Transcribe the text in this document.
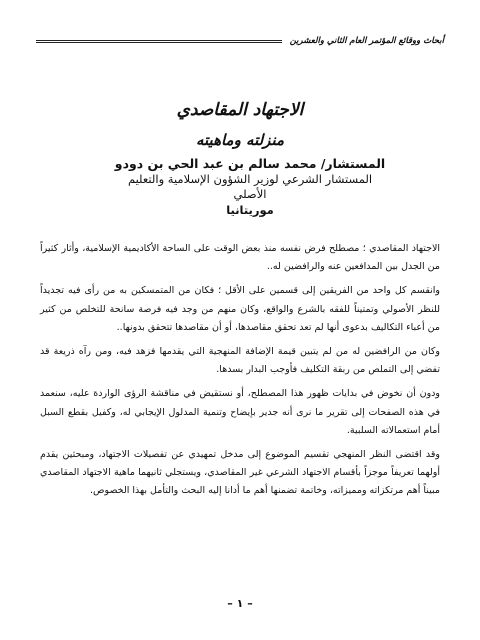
أبحاث ووقائع المؤتمر العام الثاني والعشرين
الاجتهاد المقاصدي
منزلته وماهيته
المستشار/ محمد سالم بن عبد الحي بن دودو
المستشار الشرعي لوزير الشؤون الإسلامية والتعليم
الأصلي
موريتانيا

الاجتهاد المقاصدي ؛ مصطلح فرض نفسه منذ بعض الوقت على الساحة الأكاديمية الإسلامية، وأثار كثيراً من الجدل بين المدافعين عنه والرافضين له..

وانقسم كل واحد من الفريقين إلى قسمين على الأقل ؛ فكان من المتمسكين به من رأى فيه تجديداً للنظر الأصولي وتمتيناً للفقه بالشرع والواقع، وكان منهم من وجد فيه فرصة سانحة للتخلص من كثير من أعباء التكاليف بدعوى أنها لم تعد تحقق مقاصدها، أو أن مقاصدها تتحقق بدونها..

وكان من الرافضين له من لم يتبين قيمة الإضافة المنهجية التي يقدمها فزهد فيه، ومن رآه ذريعة قد تفضي إلى التملص من ربقة التكليف فأوجب البدار بسدها.

ودون أن نخوض في بدايات ظهور هذا المصطلح، أو نستقيض في مناقشة الرؤى الواردة عليه، سنعمد في هذه الصفحات إلى تقرير ما نرى أنه جدير بإيضاح وتنمية المدلول الإيجابي له، وكفيل بقطع السبل أمام استعمالاته السلبية.

وقد اقتضى النظر المنهجي تقسيم الموضوع إلى مدخل تمهيدي عن تفصيلات الاجتهاد، ومبحثين يقدم أولهما تعريفاً موجزاً بأقسام الاجتهاد الشرعي غير المقاصدي، ويستجلي ثانيهما ماهية الاجتهاد المقاصدي مبيناً أهم مرتكزاته ومميزاته، وخاتمة تضمنها أهم ما أدانا إليه البحث والتأمل بهذا الخصوص.

– ١ –
